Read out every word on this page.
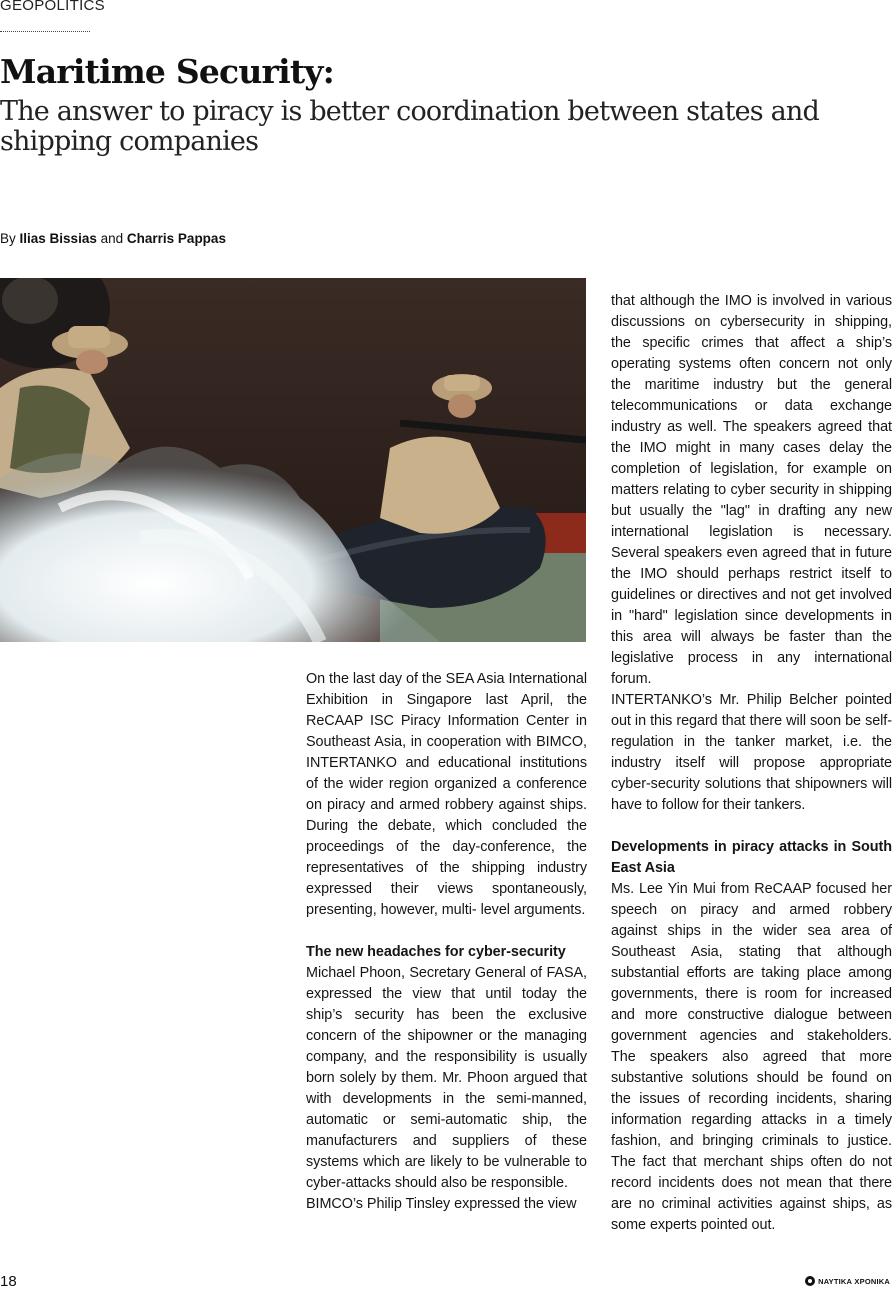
GEOPOLITICS
Maritime Security:
The answer to piracy is better coordination between states and shipping companies
By Ilias Bissias and Charris Pappas

On the last day of the SEA Asia International Exhibition in Singapore last April, the ReCAAP ISC Piracy Information Center in Southeast Asia, in cooperation with BIMCO, INTERTANKO and educational institutions of the wider region organized a conference on piracy and armed robbery against ships. During the debate, which concluded the proceedings of the day-conference, the representatives of the shipping industry expressed their views spontaneously, presenting, however, multi- level arguments.

The new headaches for cyber-security

Michael Phoon, Secretary General of FASA, expressed the view that until today the ship’s security has been the exclusive concern of the shipowner or the managing company, and the responsibility is usually born solely by them. Mr. Phoon argued that with developments in the semi-manned, automatic or semi-automatic ship, the manufacturers and suppliers of these systems which are likely to be vulnerable to cyber-attacks should also be responsible.

BIMCO’s Philip Tinsley expressed the view

that although the IMO is involved in various discussions on cybersecurity in shipping, the specific crimes that affect a ship’s operating systems often concern not only the maritime industry but the general telecommunications or data exchange industry as well. The speakers agreed that the IMO might in many cases delay the completion of legislation, for example on matters relating to cyber security in shipping but usually the "lag" in drafting any new international legislation is necessary. Several speakers even agreed that in future the IMO should perhaps restrict itself to guidelines or directives and not get involved in "hard" legislation since developments in this area will always be faster than the legislative process in any international forum.

INTERTANKO’s Mr. Philip Belcher pointed out in this regard that there will soon be self-regulation in the tanker market, i.e. the industry itself will propose appropriate cyber-security solutions that shipowners will have to follow for their tankers.

Developments in piracy attacks in South East Asia

Ms. Lee Yin Mui from ReCAAP focused her speech on piracy and armed robbery against ships in the wider sea area of Southeast Asia, stating that although substantial efforts are taking place among governments, there is room for increased and more constructive dialogue between government agencies and stakeholders. The speakers also agreed that more substantive solutions should be found on the issues of recording incidents, sharing information regarding attacks in a timely fashion, and bringing criminals to justice. The fact that merchant ships often do not record incidents does not mean that there are no criminal activities against ships, as some experts pointed out.

18	ΝΑΥΤΙΚΑ ΧΡΟΝΙΚΑ
